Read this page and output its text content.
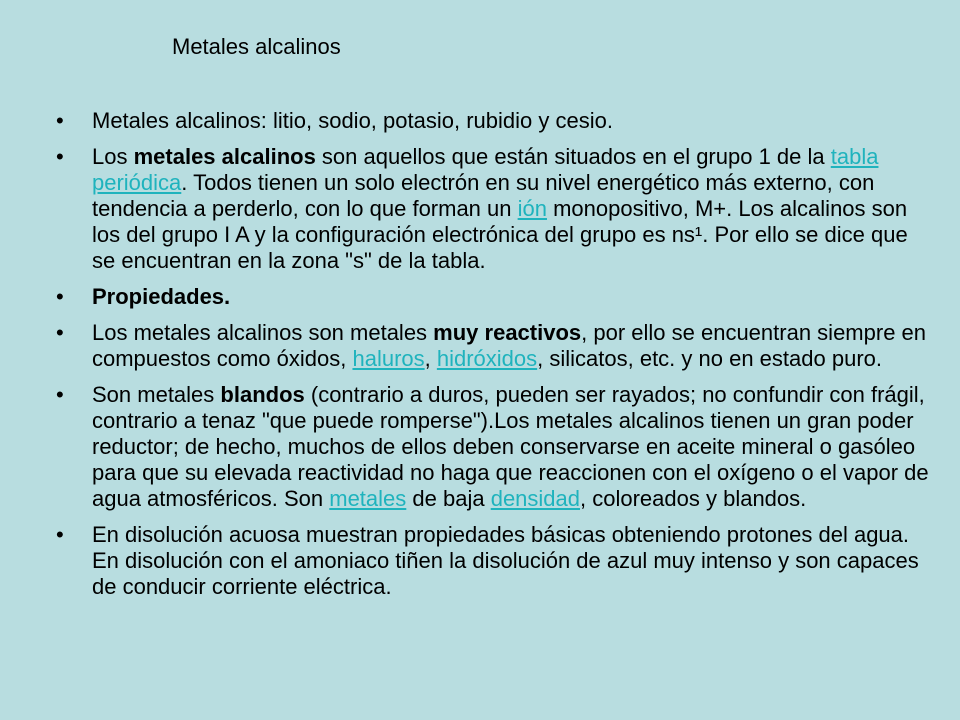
Metales alcalinos
• Metales alcalinos: litio, sodio, potasio, rubidio y cesio.
• Los metales alcalinos son aquellos que están situados en el grupo 1 de la tabla periódica. Todos tienen un solo electrón en su nivel energético más externo, con tendencia a perderlo, con lo que forman un ión monopositivo, M+. Los alcalinos son los del grupo I A y la configuración electrónica del grupo es ns¹. Por ello se dice que se encuentran en la zona "s" de la tabla.
• Propiedades.
• Los metales alcalinos son metales muy reactivos, por ello se encuentran siempre en compuestos como óxidos, haluros, hidróxidos, silicatos, etc. y no en estado puro.
• Son metales blandos (contrario a duros, pueden ser rayados; no confundir con frágil, contrario a tenaz "que puede romperse").Los metales alcalinos tienen un gran poder reductor; de hecho, muchos de ellos deben conservarse en aceite mineral o gasóleo para que su elevada reactividad no haga que reaccionen con el oxígeno o el vapor de agua atmosféricos. Son metales de baja densidad, coloreados y blandos.
• En disolución acuosa muestran propiedades básicas obteniendo protones del agua. En disolución con el amoniaco tiñen la disolución de azul muy intenso y son capaces de conducir corriente eléctrica.
